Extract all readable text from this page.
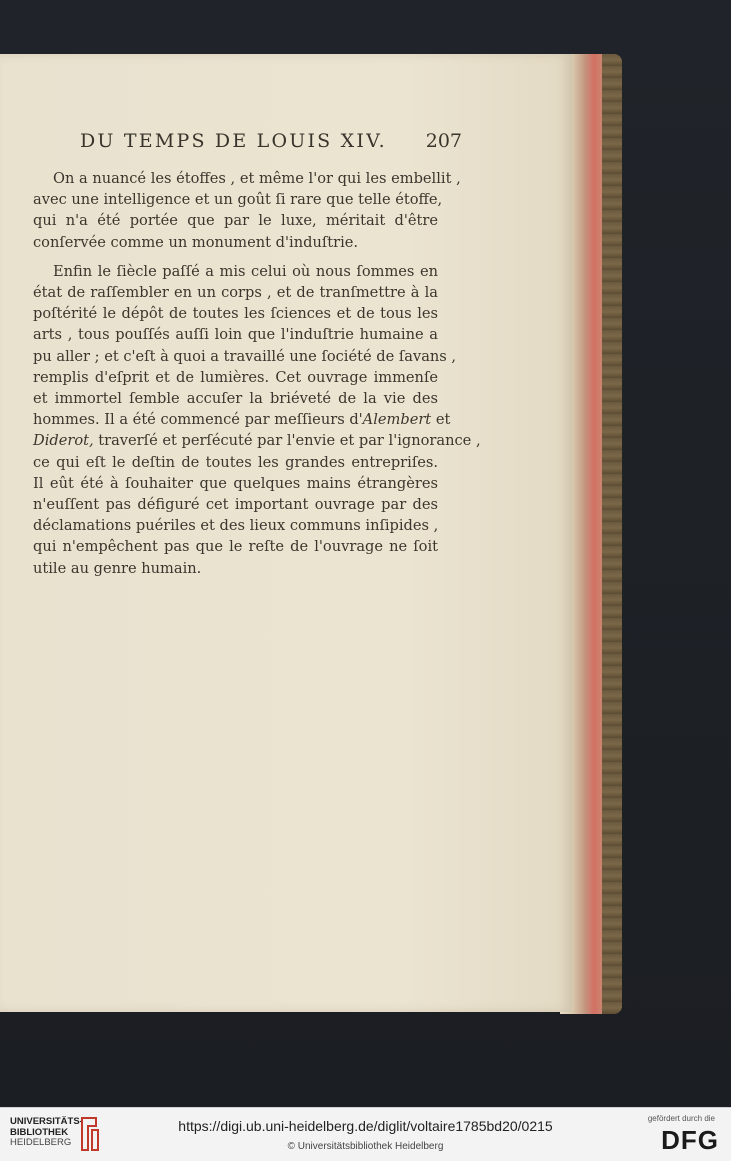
DU TEMPS DE LOUIS XIV. 207
On a nuancé les étoffes , et même l'or qui les embellit ,
avec une intelligence et un goût ſi rare que telle étoffe,
qui n'a été portée que par le luxe, méritait d'être
conſervée comme un monument d'induſtrie.
Enfin le ſiècle paſſé a mis celui où nous ſommes en
état de raſſembler en un corps , et de tranſmettre à la
poſtérité le dépôt de toutes les ſciences et de tous les
arts , tous pouſſés auſſi loin que l'induſtrie humaine a
pu aller ; et c'eſt à quoi a travaillé une ſociété de ſavans ,
remplis d'eſprit et de lumières. Cet ouvrage immenſe
et immortel ſemble accuſer la briéveté de la vie des
hommes. Il a été commencé par meſſieurs d'Alembert et
Diderot, traverſé et perſécuté par l'envie et par l'ignorance ,
ce qui eſt le deſtin de toutes les grandes entrepriſes.
Il eût été à ſouhaiter que quelques mains étrangères
n'euſſent pas défiguré cet important ouvrage par des
déclamations puériles et des lieux communs inſipides ,
qui n'empêchent pas que le reſte de l'ouvrage ne ſoit
utile au genre humain.
UNIVERSITÄTS-
BIBLIOTHEK
HEIDELBERG
https://digi.ub.uni-heidelberg.de/diglit/voltaire1785bd20/0215
© Universitätsbibliothek Heidelberg
gefördert durch die
DFG
